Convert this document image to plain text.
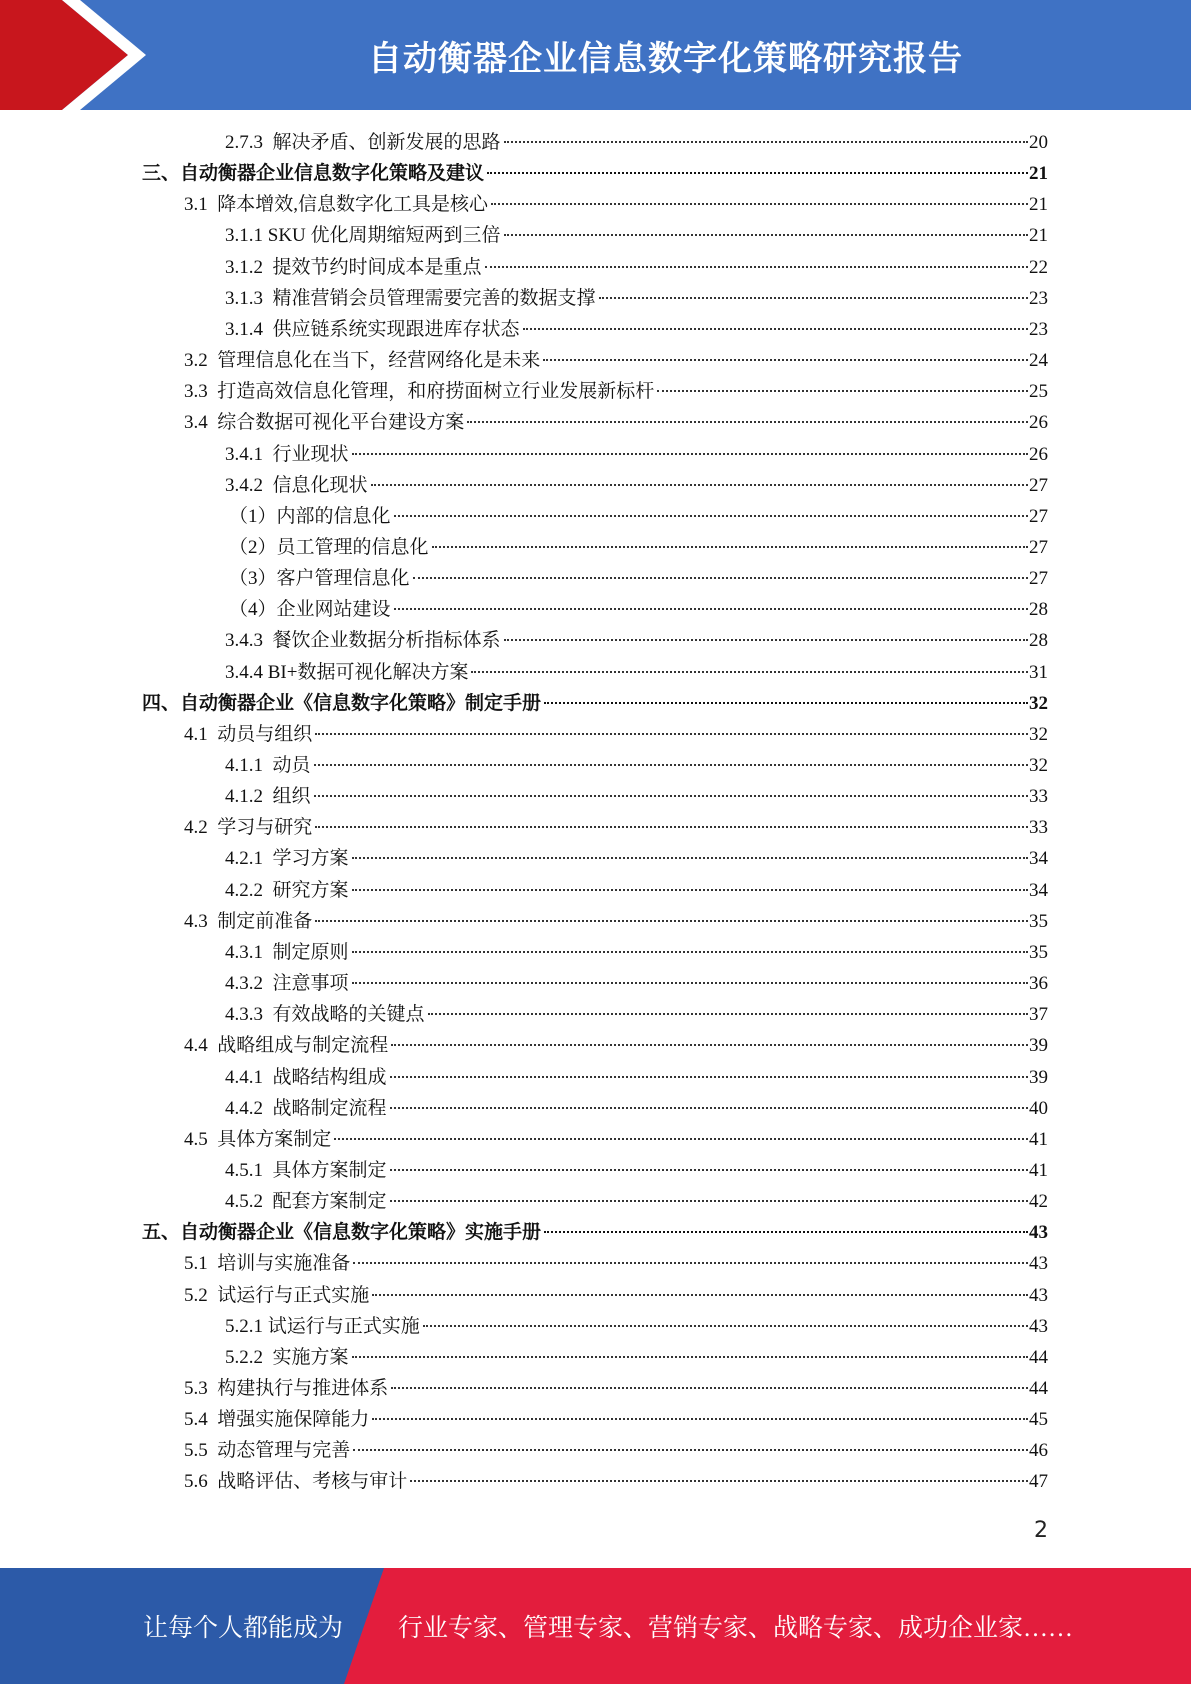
自动衡器企业信息数字化策略研究报告
2.7.3 解决矛盾、创新发展的思路	20
三、 自动衡器企业信息数字化策略及建议	21
3.1 降本增效,信息数字化工具是核心	21
3.1.1 SKU 优化周期缩短两到三倍	21
3.1.2 提效节约时间成本是重点	22
3.1.3 精准营销会员管理需要完善的数据支撑	23
3.1.4 供应链系统实现跟进库存状态	23
3.2 管理信息化在当下，经营网络化是未来	24
3.3 打造高效信息化管理，和府捞面树立行业发展新标杆	25
3.4 综合数据可视化平台建设方案	26
3.4.1 行业现状	26
3.4.2 信息化现状	27
（1） 内部的信息化	27
（2） 员工管理的信息化	27
（3） 客户管理信息化	27
（4） 企业网站建设	28
3.4.3 餐饮企业数据分析指标体系	28
3.4.4 BI+数据可视化解决方案	31
四、 自动衡器企业《信息数字化策略》制定手册	32
4.1 动员与组织	32
4.1.1 动员	32
4.1.2 组织	33
4.2 学习与研究	33
4.2.1 学习方案	34
4.2.2 研究方案	34
4.3 制定前准备	35
4.3.1 制定原则	35
4.3.2 注意事项	36
4.3.3 有效战略的关键点	37
4.4 战略组成与制定流程	39
4.4.1 战略结构组成	39
4.4.2 战略制定流程	40
4.5 具体方案制定	41
4.5.1 具体方案制定	41
4.5.2 配套方案制定	42
五、 自动衡器企业《信息数字化策略》实施手册	43
5.1 培训与实施准备	43
5.2 试运行与正式实施	43
5.2.1 试运行与正式实施	43
5.2.2 实施方案	44
5.3 构建执行与推进体系	44
5.4 增强实施保障能力	45
5.5 动态管理与完善	46
5.6 战略评估、考核与审计	47
2
让每个人都能成为 行业专家、管理专家、营销专家、战略专家、成功企业家……
